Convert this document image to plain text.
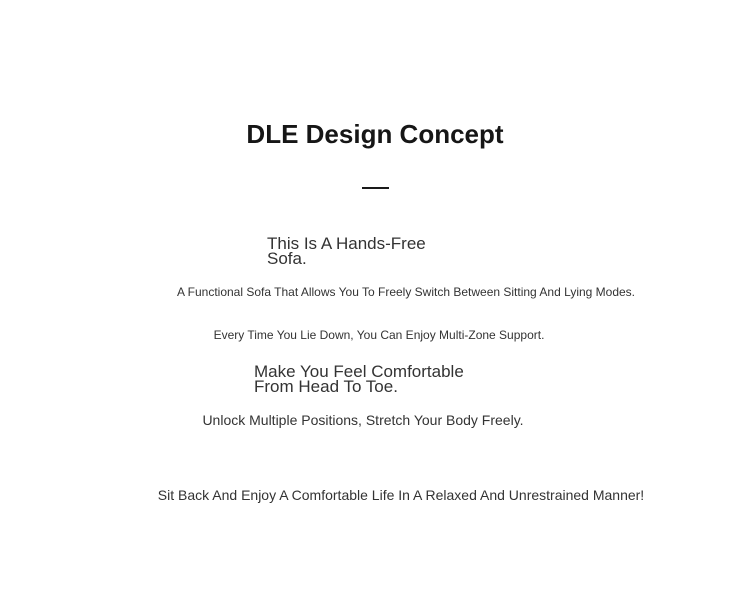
DLE Design Concept
This Is A Hands-Free
Sofa.

A Functional Sofa That Allows You To Freely Switch Between Sitting And Lying Modes.

Every Time You Lie Down, You Can Enjoy Multi-Zone Support.

Make You Feel Comfortable
From Head To Toe.

Unlock Multiple Positions, Stretch Your Body Freely.

Sit Back And Enjoy A Comfortable Life In A Relaxed And Unrestrained Manner!
